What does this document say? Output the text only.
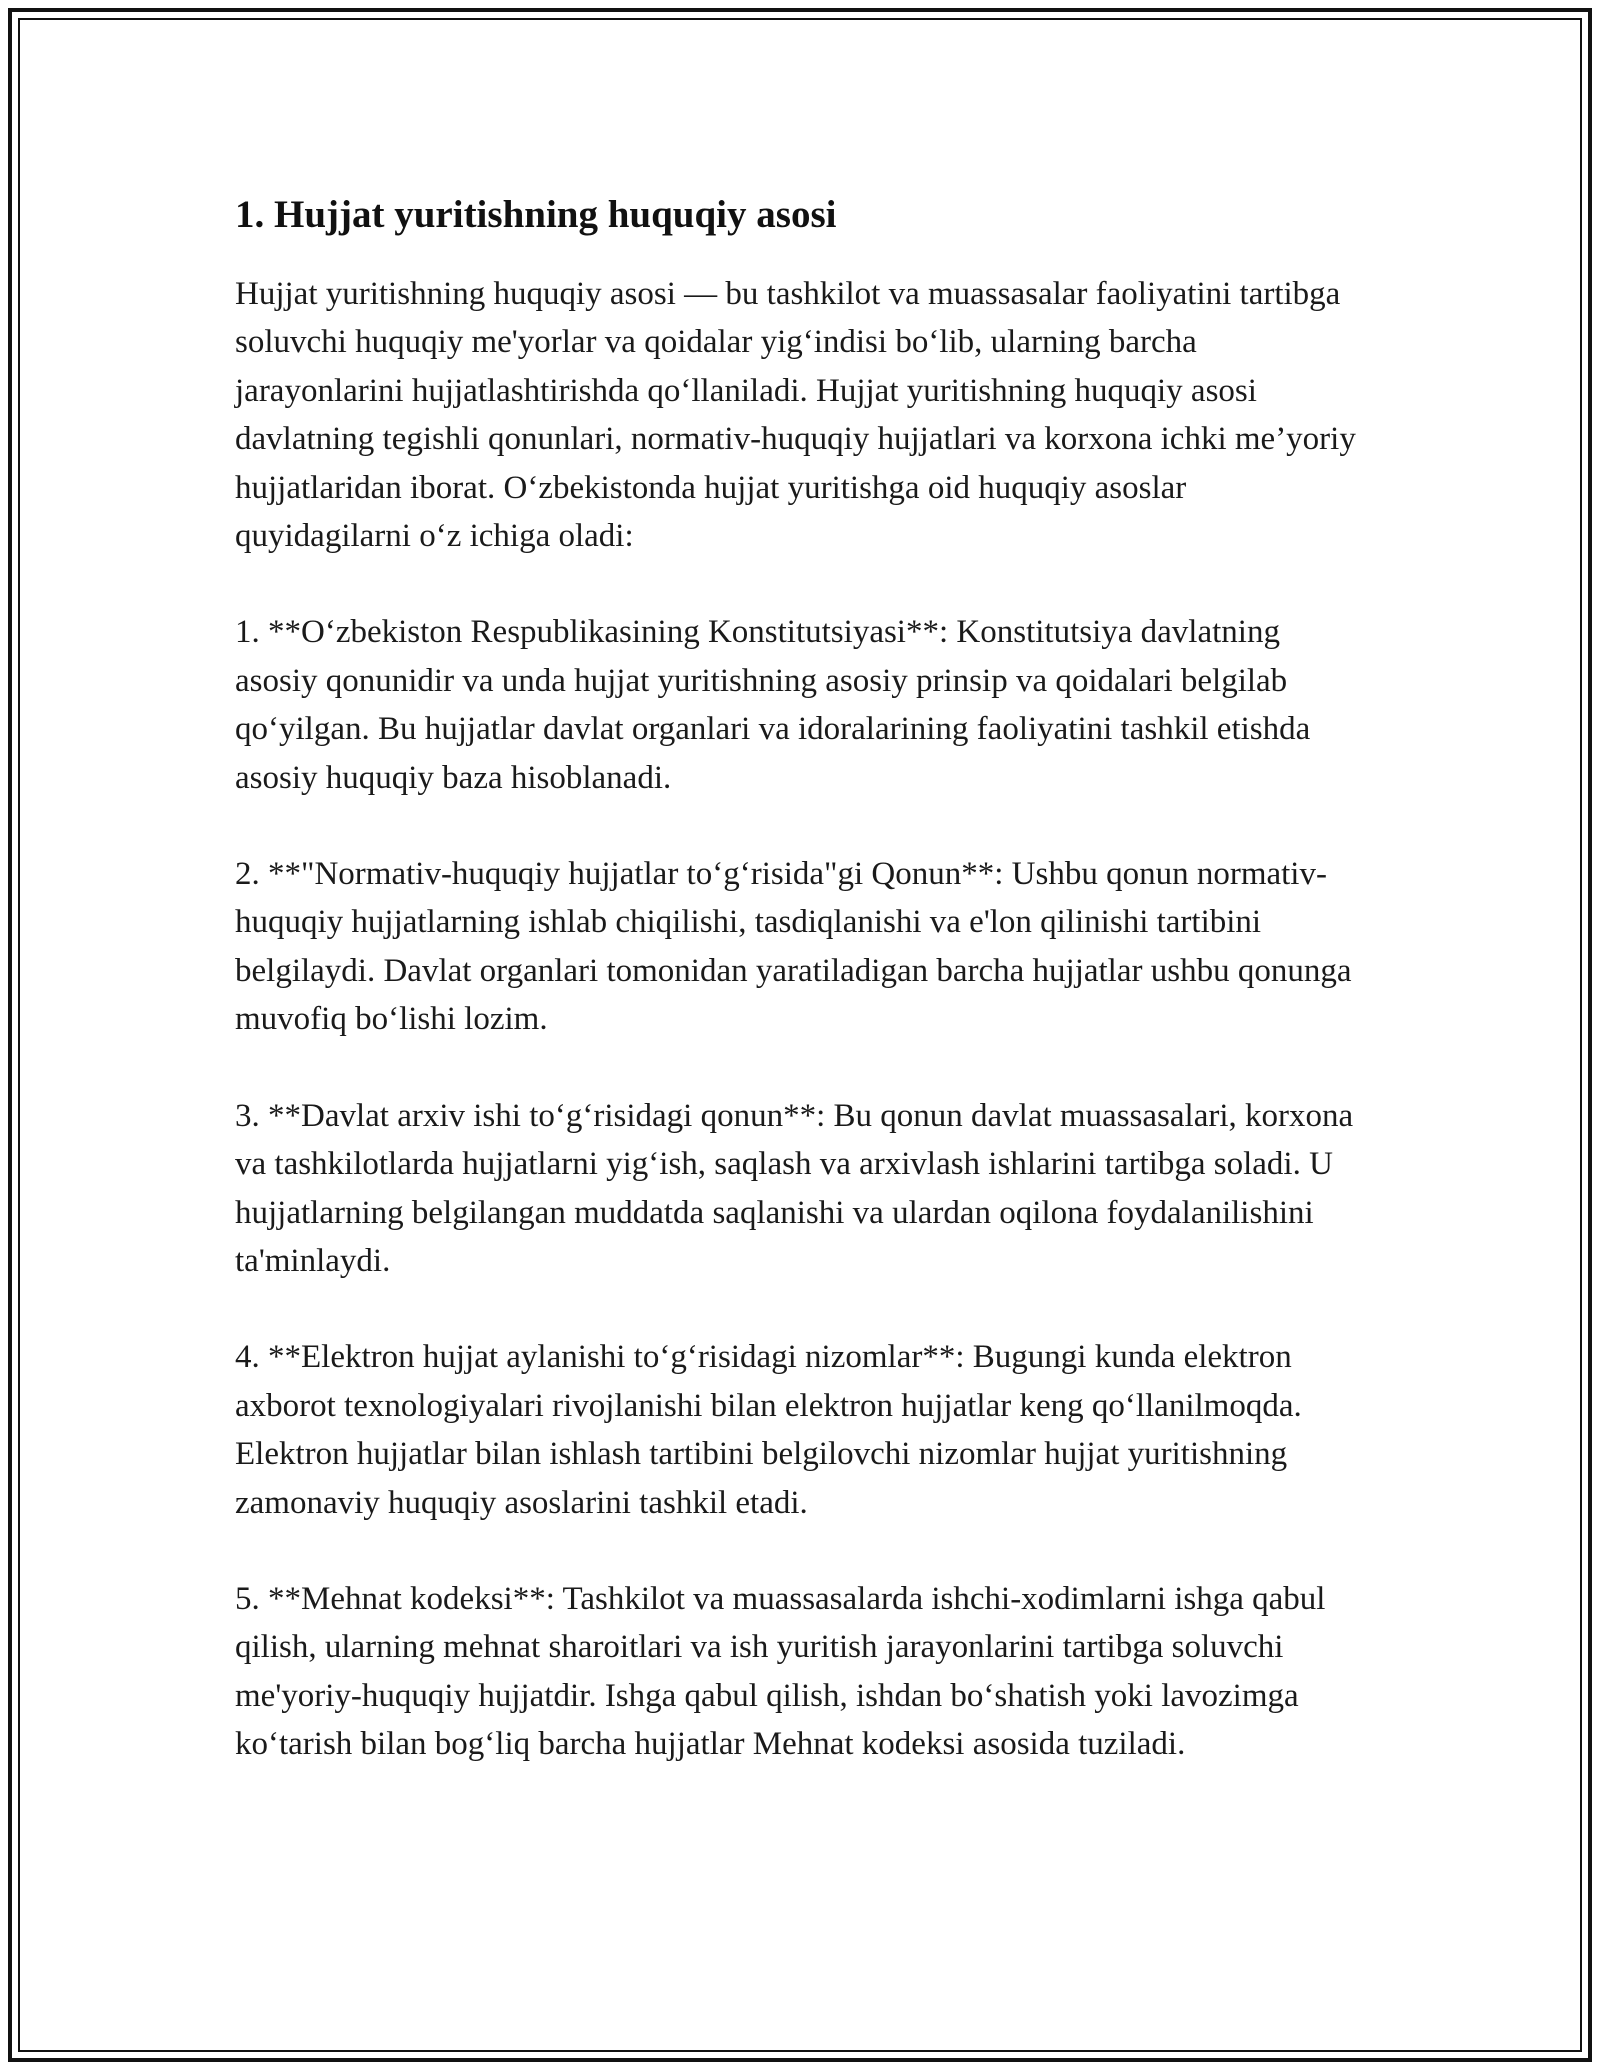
1. Hujjat yuritishning huquqiy asosi

Hujjat yuritishning huquqiy asosi — bu tashkilot va muassasalar faoliyatini tartibga soluvchi huquqiy me'yorlar va qoidalar yig‘indisi bo‘lib, ularning barcha jarayonlarini hujjatlashtirishda qo‘llaniladi. Hujjat yuritishning huquqiy asosi davlatning tegishli qonunlari, normativ-huquqiy hujjatlari va korxona ichki me’yoriy hujjatlaridan iborat. O‘zbekistonda hujjat yuritishga oid huquqiy asoslar quyidagilarni o‘z ichiga oladi:

1. **O‘zbekiston Respublikasining Konstitutsiyasi**: Konstitutsiya davlatning asosiy qonunidir va unda hujjat yuritishning asosiy prinsip va qoidalari belgilab qo‘yilgan. Bu hujjatlar davlat organlari va idoralarining faoliyatini tashkil etishda asosiy huquqiy baza hisoblanadi.

2. **"Normativ-huquqiy hujjatlar to‘g‘risida"gi Qonun**: Ushbu qonun normativ-huquqiy hujjatlarning ishlab chiqilishi, tasdiqlanishi va e'lon qilinishi tartibini belgilaydi. Davlat organlari tomonidan yaratiladigan barcha hujjatlar ushbu qonunga muvofiq bo‘lishi lozim.

3. **Davlat arxiv ishi to‘g‘risidagi qonun**: Bu qonun davlat muassasalari, korxona va tashkilotlarda hujjatlarni yig‘ish, saqlash va arxivlash ishlarini tartibga soladi. U hujjatlarning belgilangan muddatda saqlanishi va ulardan oqilona foydalanilishini ta'minlaydi.

4. **Elektron hujjat aylanishi to‘g‘risidagi nizomlar**: Bugungi kunda elektron axborot texnologiyalari rivojlanishi bilan elektron hujjatlar keng qo‘llanilmoqda. Elektron hujjatlar bilan ishlash tartibini belgilovchi nizomlar hujjat yuritishning zamonaviy huquqiy asoslarini tashkil etadi.

5. **Mehnat kodeksi**: Tashkilot va muassasalarda ishchi-xodimlarni ishga qabul qilish, ularning mehnat sharoitlari va ish yuritish jarayonlarini tartibga soluvchi me'yoriy-huquqiy hujjatdir. Ishga qabul qilish, ishdan bo‘shatish yoki lavozimga ko‘tarish bilan bog‘liq barcha hujjatlar Mehnat kodeksi asosida tuziladi.
